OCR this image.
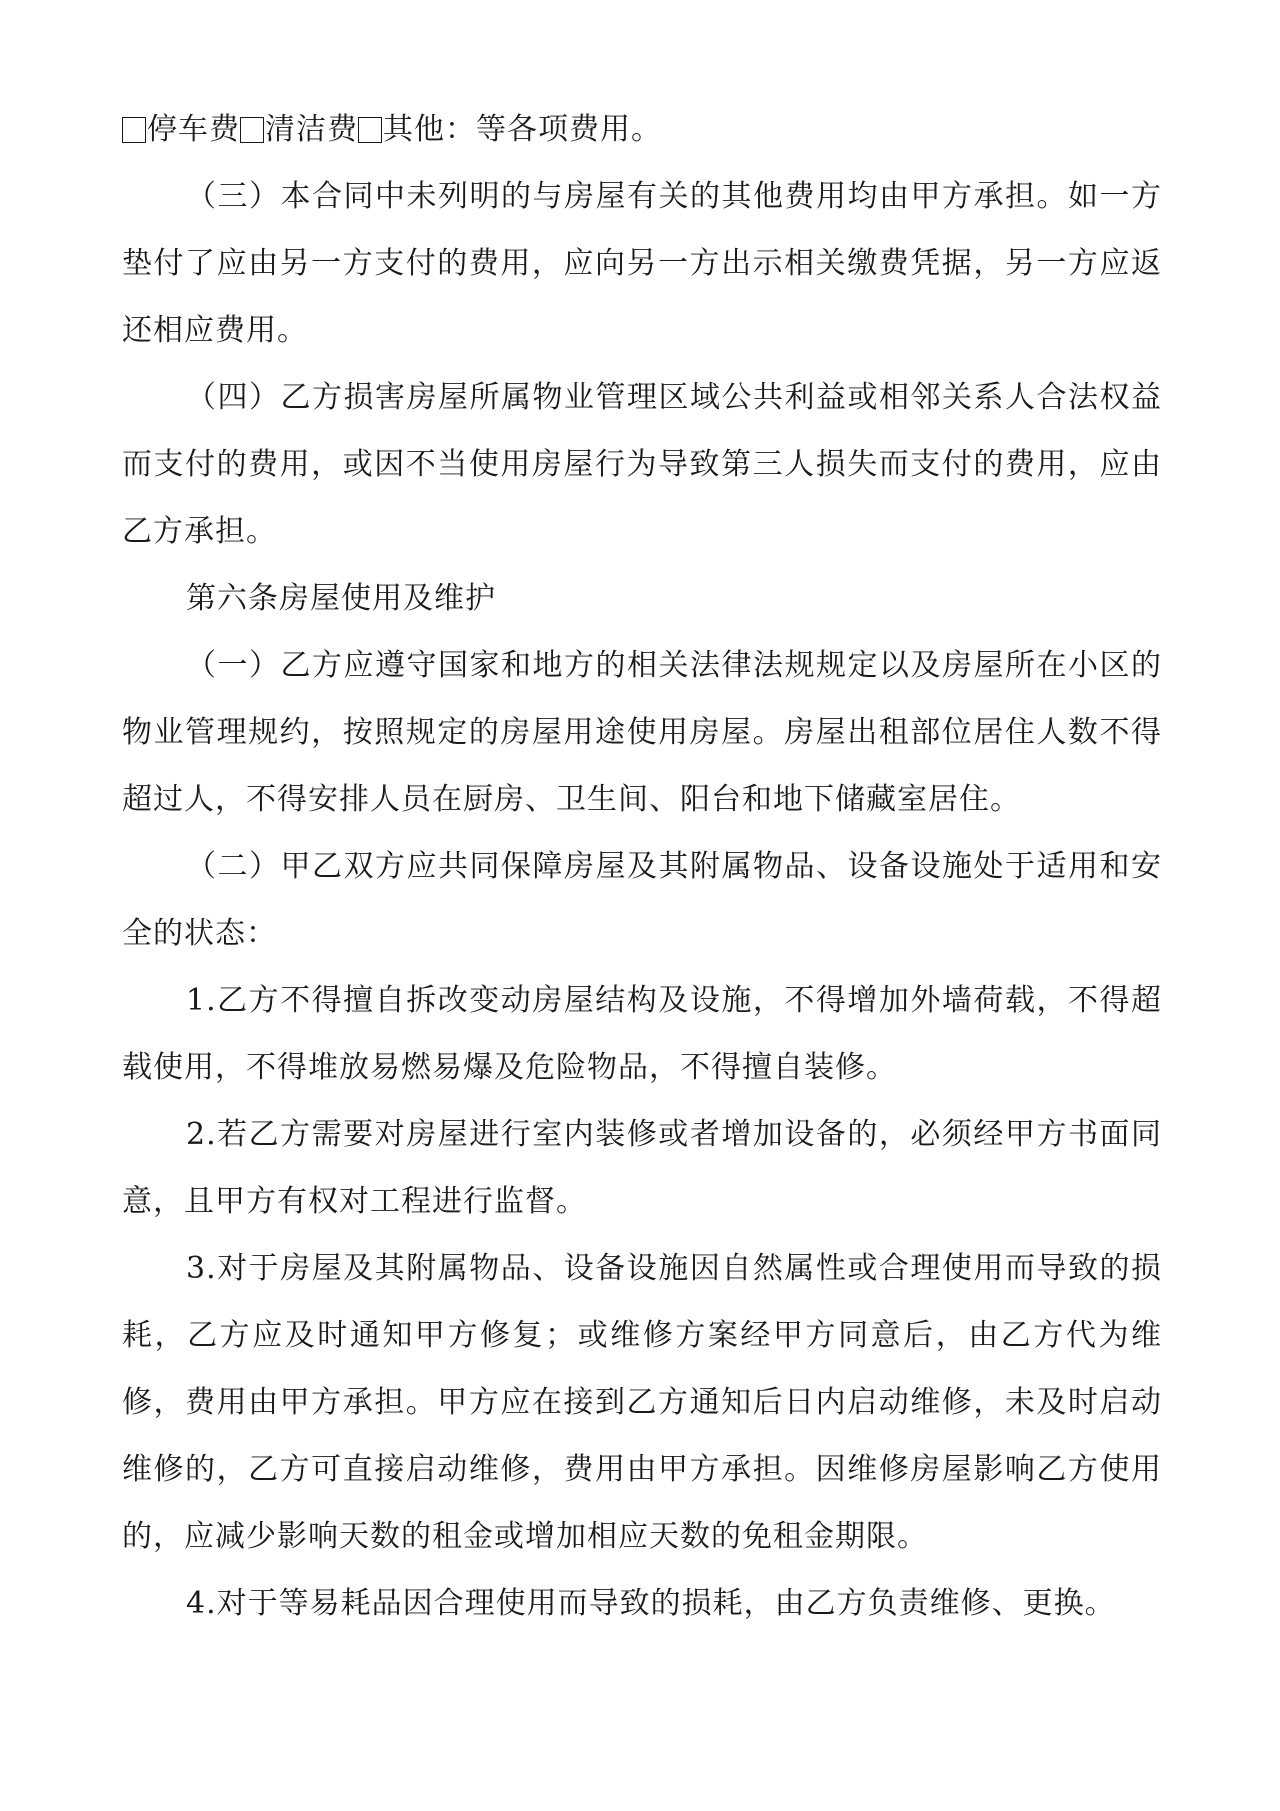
停车费 清洁费 其他：等各项费用。

（三）本合同中未列明的与房屋有关的其他费用均由甲方承担。如一方垫付了应由另一方支付的费用，应向另一方出示相关缴费凭据，另一方应返还相应费用。

（四）乙方损害房屋所属物业管理区域公共利益或相邻关系人合法权益而支付的费用，或因不当使用房屋行为导致第三人损失而支付的费用，应由乙方承担。

第六条房屋使用及维护

（一）乙方应遵守国家和地方的相关法律法规规定以及房屋所在小区的物业管理规约，按照规定的房屋用途使用房屋。房屋出租部位居住人数不得超过人，不得安排人员在厨房、卫生间、阳台和地下储藏室居住。

（二）甲乙双方应共同保障房屋及其附属物品、设备设施处于适用和安全的状态：

1.乙方不得擅自拆改变动房屋结构及设施，不得增加外墙荷载，不得超载使用，不得堆放易燃易爆及危险物品，不得擅自装修。

2.若乙方需要对房屋进行室内装修或者增加设备的，必须经甲方书面同意，且甲方有权对工程进行监督。

3.对于房屋及其附属物品、设备设施因自然属性或合理使用而导致的损耗，乙方应及时通知甲方修复；或维修方案经甲方同意后，由乙方代为维修，费用由甲方承担。甲方应在接到乙方通知后日内启动维修，未及时启动维修的，乙方可直接启动维修，费用由甲方承担。因维修房屋影响乙方使用的，应减少影响天数的租金或增加相应天数的免租金期限。

4.对于等易耗品因合理使用而导致的损耗，由乙方负责维修、更换。
